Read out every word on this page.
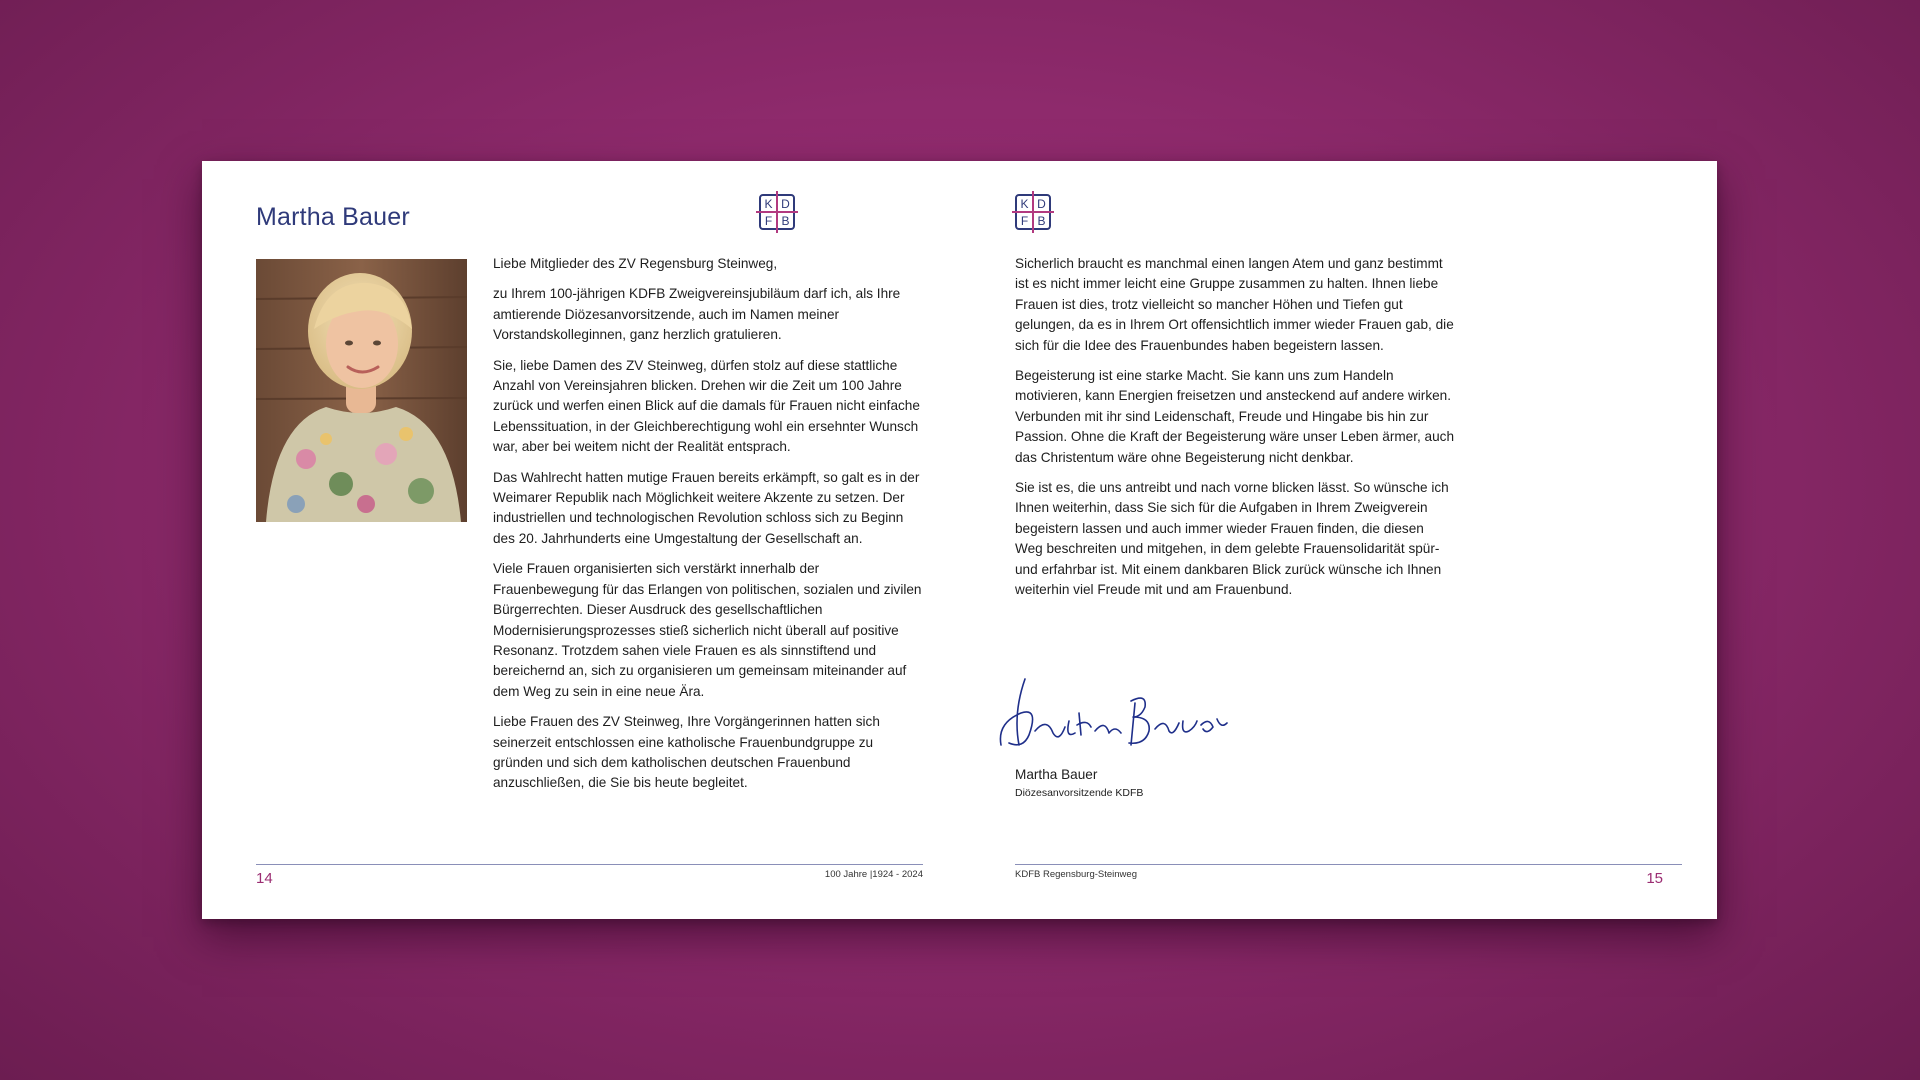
Martha Bauer	K D
F B

Liebe Mitglieder des ZV Regensburg Steinweg,

zu Ihrem 100-jährigen KDFB Zweigvereinsjubiläum darf ich, als Ihre amtierende Diözesanvorsitzende, auch im Namen meiner Vorstandskolleginnen, ganz herzlich gratulieren.

Sie, liebe Damen des ZV Steinweg, dürfen stolz auf diese stattliche Anzahl von Vereinsjahren blicken. Drehen wir die Zeit um 100 Jahre zurück und werfen einen Blick auf die damals für Frauen nicht einfache Lebenssituation, in der Gleichberechtigung wohl ein ersehnter Wunsch war, aber bei weitem nicht der Realität entsprach.

Das Wahlrecht hatten mutige Frauen bereits erkämpft, so galt es in der Weimarer Republik nach Möglichkeit weitere Akzente zu setzen. Der industriellen und technologischen Revolution schloss sich zu Beginn des 20. Jahrhunderts eine Umgestaltung der Gesellschaft an.

Viele Frauen organisierten sich verstärkt innerhalb der Frauenbewegung für das Erlangen von politischen, sozialen und zivilen Bürgerrechten. Dieser Ausdruck des gesellschaftlichen Modernisierungsprozesses stieß sicherlich nicht überall auf positive Resonanz. Trotzdem sahen viele Frauen es als sinnstiftend und bereichernd an, sich zu organisieren um gemeinsam miteinander auf dem Weg zu sein in eine neue Ära.

Liebe Frauen des ZV Steinweg, Ihre Vorgängerinnen hatten sich seinerzeit entschlossen eine katholische Frauenbundgruppe zu gründen und sich dem katholischen deutschen Frauenbund anzuschließen, die Sie bis heute begleitet.

14	100 Jahre |1924 - 2024
K D
F B

Sicherlich braucht es manchmal einen langen Atem und ganz bestimmt ist es nicht immer leicht eine Gruppe zusammen zu halten. Ihnen liebe Frauen ist dies, trotz vielleicht so mancher Höhen und Tiefen gut gelungen, da es in Ihrem Ort offensichtlich immer wieder Frauen gab, die sich für die Idee des Frauenbundes haben begeistern lassen.

Begeisterung ist eine starke Macht. Sie kann uns zum Handeln motivieren, kann Energien freisetzen und ansteckend auf andere wirken. Verbunden mit ihr sind Leidenschaft, Freude und Hingabe bis hin zur Passion. Ohne die Kraft der Begeisterung wäre unser Leben ärmer, auch das Christentum wäre ohne Begeisterung nicht denkbar.

Sie ist es, die uns antreibt und nach vorne blicken lässt. So wünsche ich Ihnen weiterhin, dass Sie sich für die Aufgaben in Ihrem Zweigverein begeistern lassen und auch immer wieder Frauen finden, die diesen Weg beschreiten und mitgehen, in dem gelebte Frauensolidarität spür- und erfahrbar ist. Mit einem dankbaren Blick zurück wünsche ich Ihnen weiterhin viel Freude mit und am Frauenbund.

Martha Bauer
Diözesanvorsitzende KDFB
KDFB Regensburg-Steinweg	15
